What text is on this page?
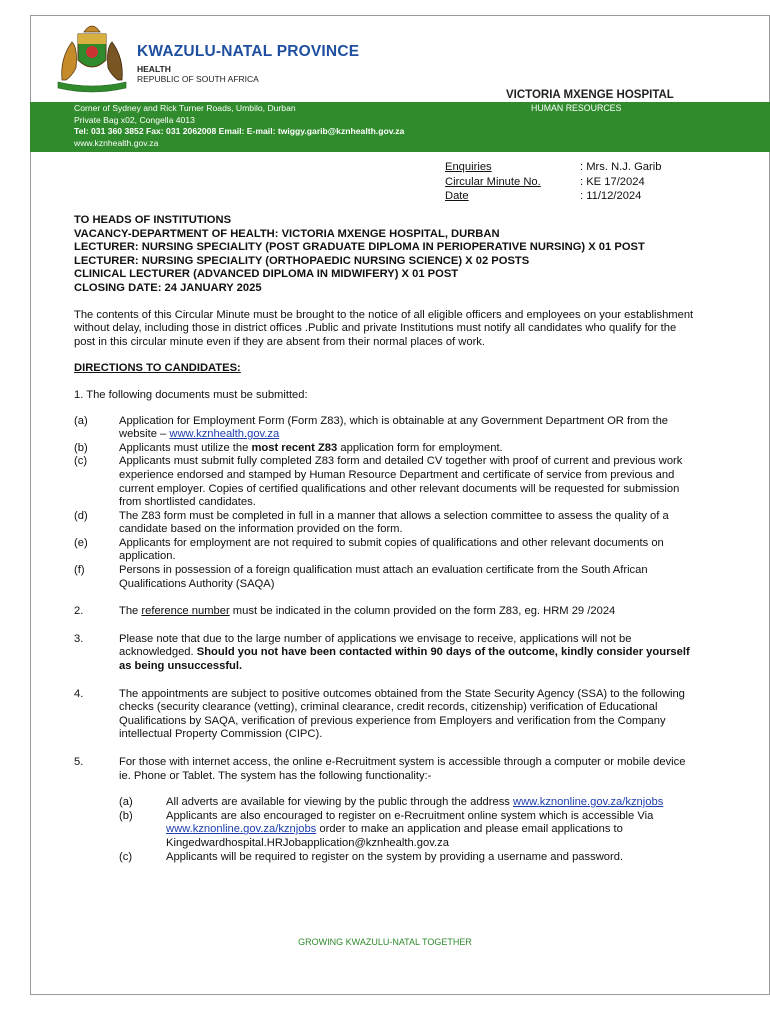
KWAZULU-NATAL PROVINCE
HEALTH
REPUBLIC OF SOUTH AFRICA
VICTORIA MXENGE HOSPITAL
Corner of Sydney and Rick Turner Roads, Umbilo, Durban
Private Bag x02, Congella 4013
Tel: 031 360 3852 Fax: 031 2062008 Email: E-mail: twiggy.garib@kznhealth.gov.za
www.kznhealth.gov.za
HUMAN RESOURCES
Enquiries	: Mrs. N.J. Garib
Circular Minute No.	: KE 17/2024
Date	: 11/12/2024
TO HEADS OF INSTITUTIONS
VACANCY-DEPARTMENT OF HEALTH: VICTORIA MXENGE HOSPITAL, DURBAN
LECTURER: NURSING SPECIALITY (POST GRADUATE DIPLOMA IN PERIOPERATIVE NURSING) X 01 POST
LECTURER: NURSING SPECIALITY (ORTHOPAEDIC NURSING SCIENCE) X 02 POSTS
CLINICAL LECTURER (ADVANCED DIPLOMA IN MIDWIFERY) X 01 POST
CLOSING DATE: 24 JANUARY 2025

The contents of this Circular Minute must be brought to the notice of all eligible officers and employees on your establishment without delay, including those in district offices .Public and private Institutions must notify all candidates who qualify for the post in this circular minute even if they are absent from their normal places of work.

DIRECTIONS TO CANDIDATES:
1. The following documents must be submitted:
(a)	Application for Employment Form (Form Z83), which is obtainable at any Government Department OR from the website – www.kznhealth.gov.za
(b)	Applicants must utilize the most recent Z83 application form for employment.
(c)	Applicants must submit fully completed Z83 form and detailed CV together with proof of current and previous work experience endorsed and stamped by Human Resource Department and certificate of service from previous and current employer. Copies of certified qualifications and other relevant documents will be requested for submission from shortlisted candidates.
(d)	The Z83 form must be completed in full in a manner that allows a selection committee to assess the quality of a candidate based on the information provided on the form.
(e)	Applicants for employment are not required to submit copies of qualifications and other relevant documents on application.
(f)	Persons in possession of a foreign qualification must attach an evaluation certificate from the South African Qualifications Authority (SAQA)
2.	The reference number must be indicated in the column provided on the form Z83, eg. HRM 29 /2024
3.	Please note that due to the large number of applications we envisage to receive, applications will not be acknowledged. Should you not have been contacted within 90 days of the outcome, kindly consider yourself as being unsuccessful.
4.	The appointments are subject to positive outcomes obtained from the State Security Agency (SSA) to the following checks (security clearance (vetting), criminal clearance, credit records, citizenship) verification of Educational Qualifications by SAQA, verification of previous experience from Employers and verification from the Company intellectual Property Commission (CIPC).
5.	For those with internet access, the online e-Recruitment system is accessible through a computer or mobile device ie. Phone or Tablet. The system has the following functionality:-
(a)	All adverts are available for viewing by the public through the address www.kznonline.gov.za/kznjobs
(b)	Applicants are also encouraged to register on e-Recruitment online system which is accessible Via www.kznonline.gov.za/kznjobs order to make an application and please email applications to Kingedwardhospital.HRJobapplication@kznhealth.gov.za
(c)	Applicants will be required to register on the system by providing a username and password.
GROWING KWAZULU-NATAL TOGETHER
